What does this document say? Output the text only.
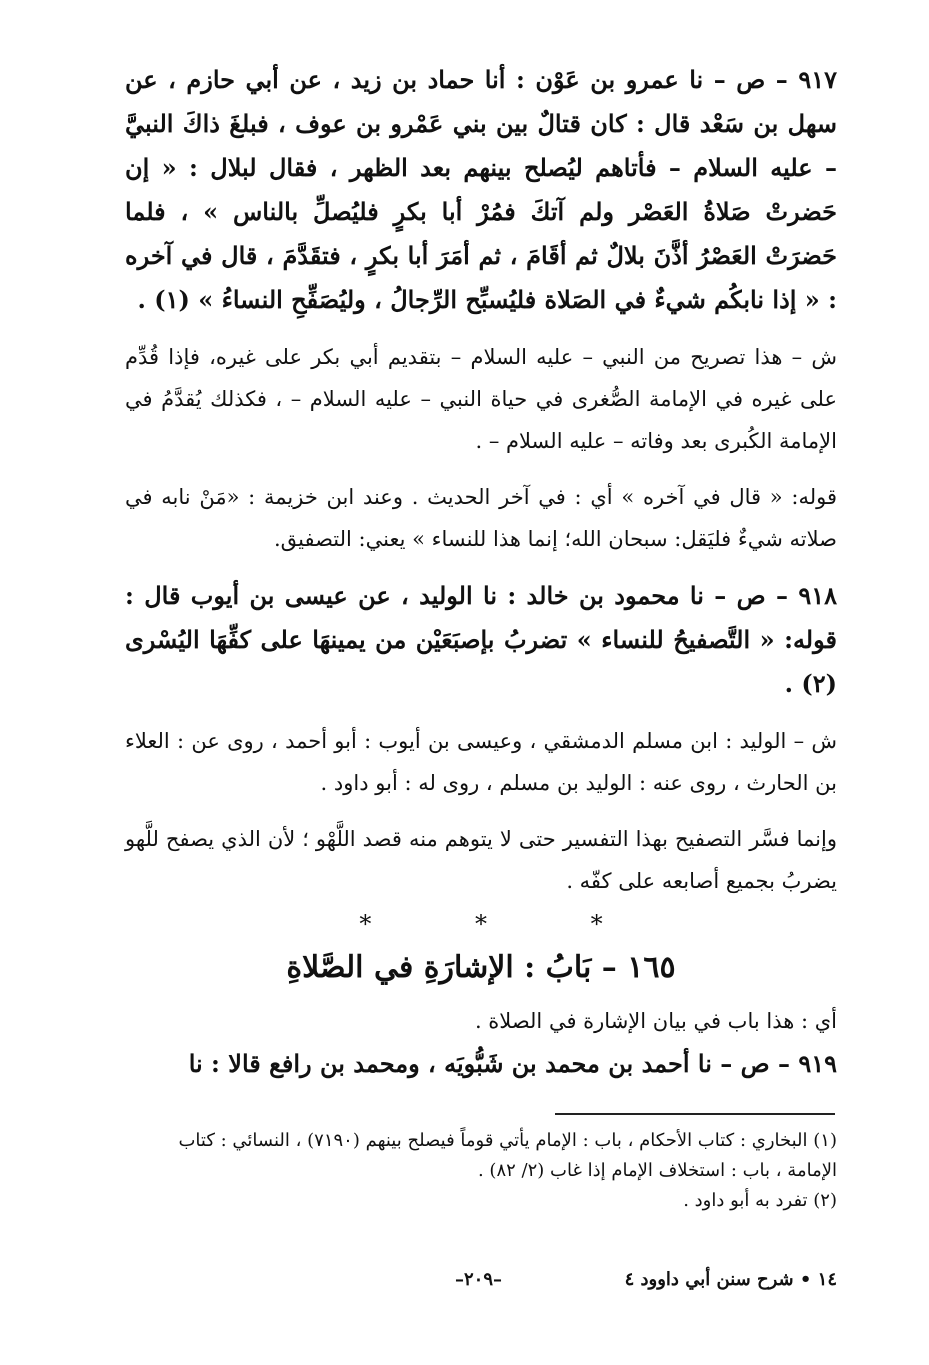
٩١٧ – ص – نا عمرو بن عَوْن : أنا حماد بن زيد ، عن أبي حازم ، عن سهل بن سَعْد قال : كان قتالٌ بين بني عَمْرو بن عوف ، فبلغَ ذاكَ النبيَّ – عليه السلام – فأتاهم ليُصلح بينهم بعد الظهر ، فقال لبلال : « إن حَضرتْ صَلاةُ العَصْر ولم آتكَ فمُرْ أبا بكرٍ فليُصلِّ بالناس » ، فلما حَضرَتْ العَصْرُ أذَّنَ بلالٌ ثم أقَامَ ، ثم أمَرَ أبا بكرٍ ، فتقَدَّمَ ، قال في آخره : « إذا نابكُم شيءٌ في الصَلاة فليُسبِّح الرِّجالُ ، وليُصَفِّحِ النساءُ » (١) .

ش – هذا تصريح من النبي – عليه السلام – بتقديم أبي بكر على غيره، فإذا قُدِّم على غيره في الإمامة الصُّغرى في حياة النبي – عليه السلام – ، فكذلك يُقدَّمُ في الإمامة الكُبرى بعد وفاته – عليه السلام – .

قوله: « قال في آخره » أي : في آخر الحديث . وعند ابن خزيمة : «مَنْ نابه في صلاته شيءٌ فليَقل: سبحان الله؛ إنما هذا للنساء » يعني: التصفيق.

٩١٨ – ص – نا محمود بن خالد : نا الوليد ، عن عيسى بن أيوب قال : قوله: « التَّصفيحُ للنساء » تضربُ بإصبَعَيْن من يمينهَا على كفِّهَا اليُسْرى (٢) .

ش – الوليد : ابن مسلم الدمشقي ، وعيسى بن أيوب : أبو أحمد ، روى عن : العلاء بن الحارث ، روى عنه : الوليد بن مسلم ، روى له : أبو داود .

وإنما فسَّر التصفيح بهذا التفسير حتى لا يتوهم منه قصد اللَّهْو ؛ لأن الذي يصفح للَّهو يضربُ بجميع أصابعه على كفّه .

* * *
١٦٥ – بَابُ : الإشارَةِ في الصَّلاةِ

أي : هذا باب في بيان الإشارة في الصلاة .

٩١٩ – ص – نا أحمد بن محمد بن شَبُّويَه ، ومحمد بن رافع قالا : نا

(١) البخاري : كتاب الأحكام ، باب : الإمام يأتي قوماً فيصلح بينهم (٧١٩٠) ، النسائي : كتاب الإمامة ، باب : استخلاف الإمام إذا غاب (٢/ ٨٢) .

(٢) تفرد به أبو داود .

١٤ • شرح سنن أبي داوود ٤
–٢٠٩–
